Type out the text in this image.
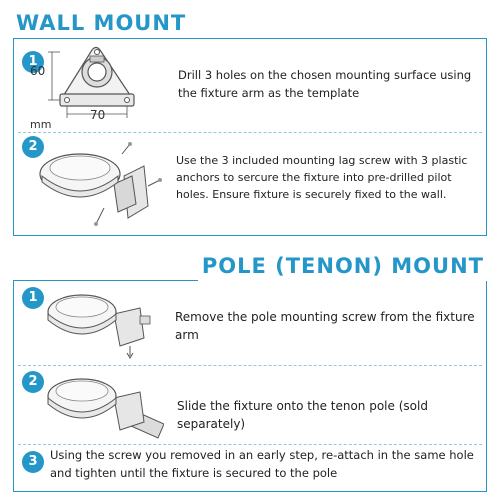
WALL MOUNT
1
60
70
mm
Drill 3 holes on the chosen mounting surface using the fixture arm as the template
2
Use the 3 included mounting lag screw with 3 plastic anchors to sercure the fixture into pre-drilled pilot holes. Ensure fixture is securely fixed to the wall.
POLE (TENON) MOUNT
1
Remove the pole mounting screw from the fixture arm
2
Slide the fixture onto the tenon pole (sold separately)
3	Using the screw you removed in an early step, re-attach in the same hole and tighten until the fixture is secured to the pole
